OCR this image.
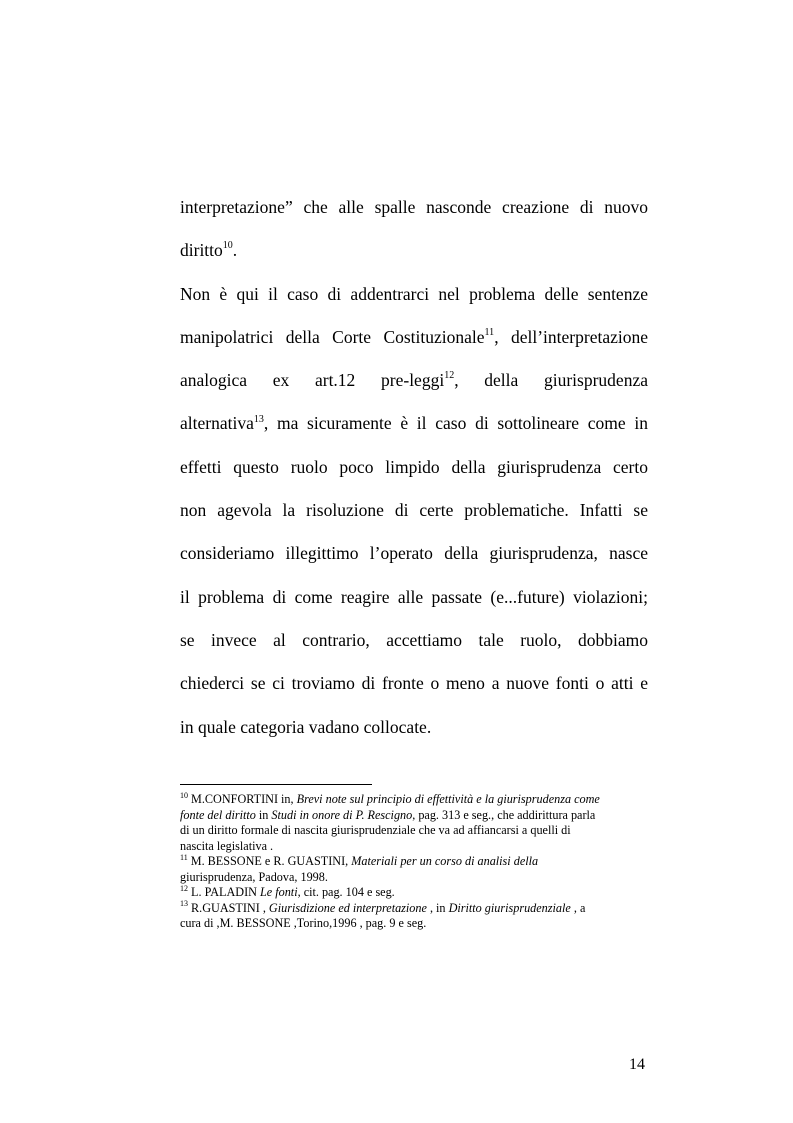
interpretazione” che alle spalle nasconde creazione di nuovo
diritto$^{10}$.
Non è qui il caso di addentrarci nel problema delle sentenze
manipolatrici della Corte Costituzionale$^{11}$, dell’interpretazione
analogica ex art.12 pre-leggi$^{12}$, della giurisprudenza
alternativa$^{13}$, ma sicuramente è il caso di sottolineare come in
effetti questo ruolo poco limpido della giurisprudenza certo
non agevola la risoluzione di certe problematiche. Infatti se
consideriamo illegittimo l’operato della giurisprudenza, nasce
il problema di come reagire alle passate (e...future) violazioni;
se invece al contrario, accettiamo tale ruolo, dobbiamo
chiederci se ci troviamo di fronte o meno a nuove fonti o atti e
in quale categoria vadano collocate.
$^{10}$ M.CONFORTINI in, Brevi note sul principio di effettività e la giurisprudenza come
fonte del diritto in Studi in onore di P. Rescigno, pag. 313 e seg., che addirittura parla
di un diritto formale di nascita giurisprudenziale che va ad affiancarsi a quelli di
nascita legislativa .
$^{11}$ M. BESSONE e R. GUASTINI, Materiali per un corso di analisi della
giurisprudenza, Padova, 1998.
$^{12}$ L. PALADIN Le fonti, cit. pag. 104 e seg.
$^{13}$ R.GUASTINI , Giurisdizione ed interpretazione , in Diritto giurisprudenziale , a
cura di ,M. BESSONE ,Torino,1996 , pag. 9 e seg.
14
